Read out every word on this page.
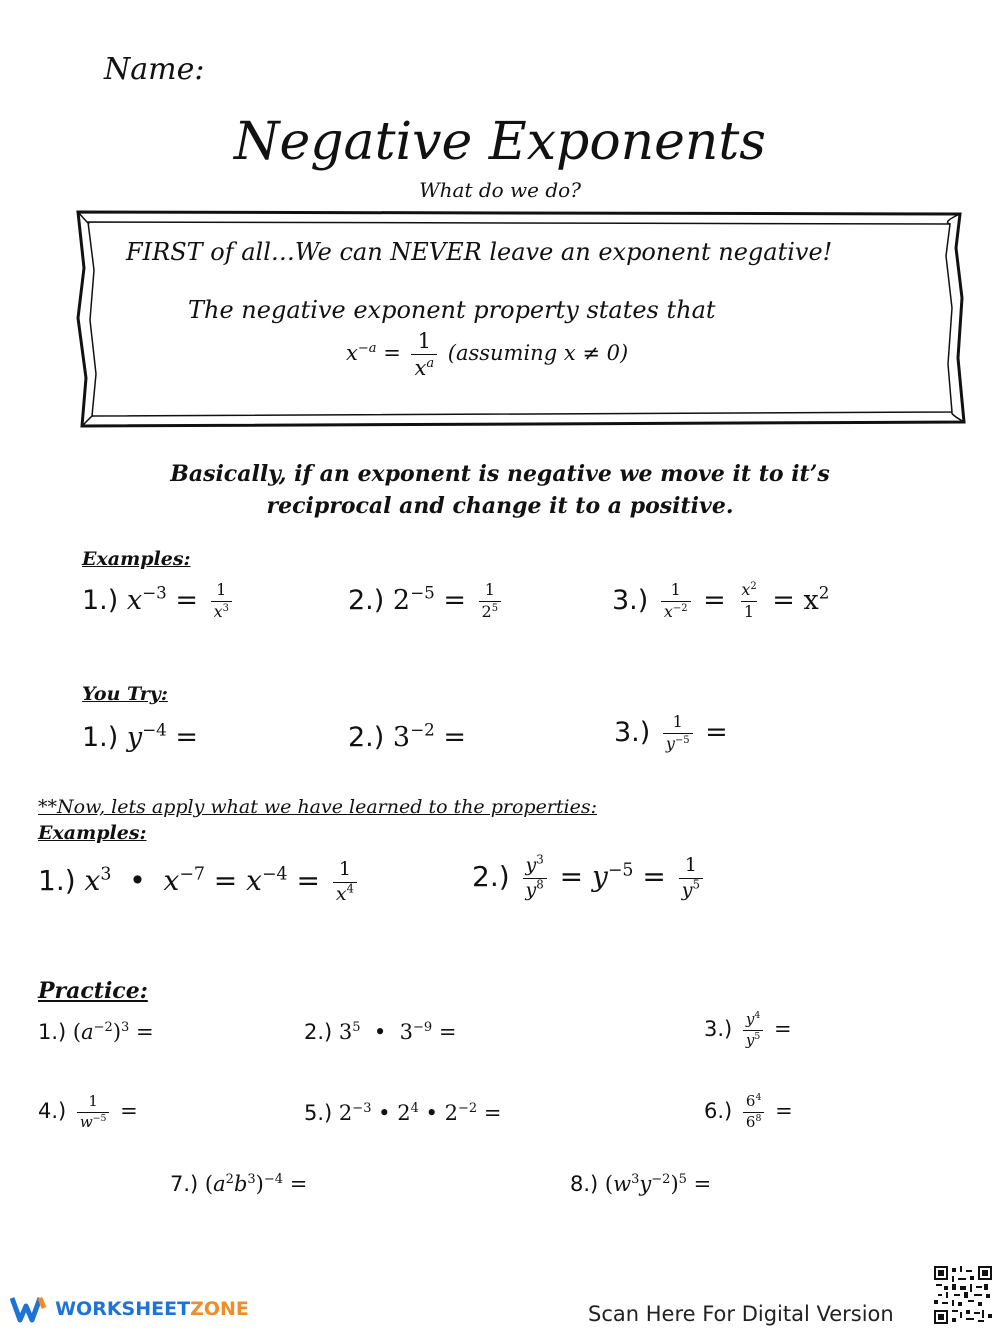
Name:
Negative Exponents
What do we do?
FIRST of all…We can NEVER leave an exponent negative!
The negative exponent property states that
$x^{-a} = \frac{1}{x^a}$ (assuming x ≠ 0)
Basically, if an exponent is negative we move it to it’s
reciprocal and change it to a positive.
Examples:
1.) $x^{-3} = \frac{1}{x^3}$	2.) $2^{-5} = \frac{1}{2^5}$	$3.) \frac{1}{x^{-2}} = \frac{x^2}{1} = x^2$
You Try:
1.) $y^{-4}$ =	2.) $3^{-2}$ =	$3.) \frac{1}{y^{-5}}$ =
**Now, lets apply what we have learned to the properties:
Examples:
1.) $x^3$  •  $x^{-7} = x^{-4} = \frac{1}{x^4}$	$2.) \frac{y^3}{y^8} = y^{-5} = \frac{1}{y^5}$
Practice:
1.) $(a^{-2})^3$ =	2.) $3^5$  •  $3^{-9}$ =	$3.) \frac{y^4}{y^5}$ =
$4.) \frac{1}{w^{-5}}$ =	5.) $2^{-3}$ • $2^4$ • $2^{-2}$ =	$6.) \frac{6^4}{6^8}$ =
7.) $(a^2b^3)^{-4}$ =	8.) $(w^3y^{-2})^5$ =
WORKSHEETZONE	Scan Here For Digital Version
